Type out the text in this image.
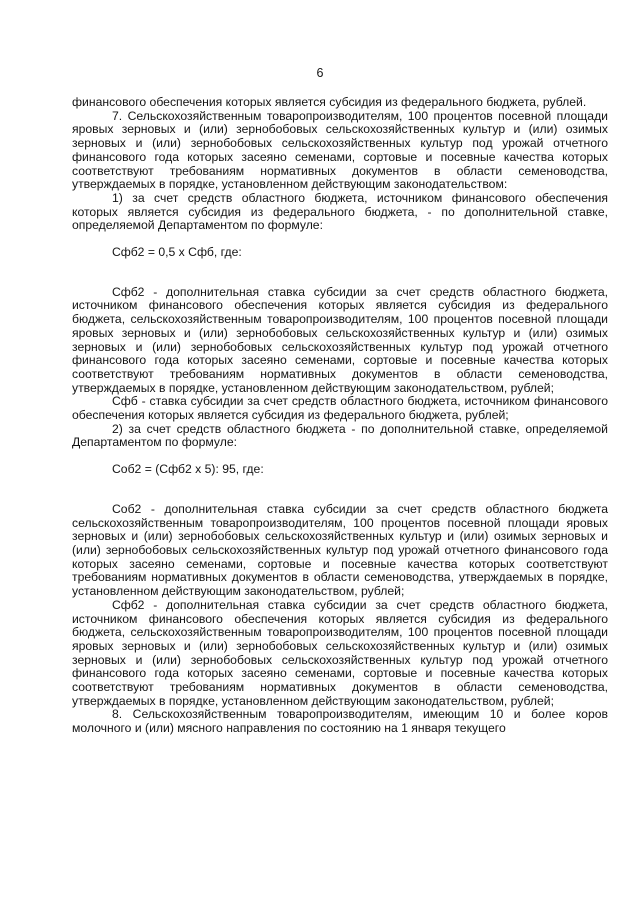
6

финансового обеспечения которых является субсидия из федерального бюджета, рублей.

7. Сельскохозяйственным товаропроизводителям, 100 процентов посевной площади яровых зерновых и (или) зернобобовых сельскохозяйственных культур и (или) озимых зерновых и (или) зернобобовых сельскохозяйственных культур под урожай отчетного финансового года которых засеяно семенами, сортовые и посевные качества которых соответствуют требованиям нормативных документов в области семеноводства, утверждаемых в порядке, установленном действующим законодательством:

1) за счет средств областного бюджета, источником финансового обеспечения которых является субсидия из федерального бюджета, - по дополнительной ставке, определяемой Департаментом по формуле:

Сфб2 = 0,5 x Сфб, где:

Сфб2 - дополнительная ставка субсидии за счет средств областного бюджета, источником финансового обеспечения которых является субсидия из федерального бюджета, сельскохозяйственным товаропроизводителям, 100 процентов посевной площади яровых зерновых и (или) зернобобовых сельскохозяйственных культур и (или) озимых зерновых и (или) зернобобовых сельскохозяйственных культур под урожай отчетного финансового года которых засеяно семенами, сортовые и посевные качества которых соответствуют требованиям нормативных документов в области семеноводства, утверждаемых в порядке, установленном действующим законодательством, рублей;

Сфб - ставка субсидии за счет средств областного бюджета, источником финансового обеспечения которых является субсидия из федерального бюджета, рублей;

2) за счет средств областного бюджета - по дополнительной ставке, определяемой Департаментом по формуле:

Соб2 = (Сфб2 x 5): 95, где:

Соб2 - дополнительная ставка субсидии за счет средств областного бюджета сельскохозяйственным товаропроизводителям, 100 процентов посевной площади яровых зерновых и (или) зернобобовых сельскохозяйственных культур и (или) озимых зерновых и (или) зернобобовых сельскохозяйственных культур под урожай отчетного финансового года которых засеяно семенами, сортовые и посевные качества которых соответствуют требованиям нормативных документов в области семеноводства, утверждаемых в порядке, установленном действующим законодательством, рублей;

Сфб2 - дополнительная ставка субсидии за счет средств областного бюджета, источником финансового обеспечения которых является субсидия из федерального бюджета, сельскохозяйственным товаропроизводителям, 100 процентов посевной площади яровых зерновых и (или) зернобобовых сельскохозяйственных культур и (или) озимых зерновых и (или) зернобобовых сельскохозяйственных культур под урожай отчетного финансового года которых засеяно семенами, сортовые и посевные качества которых соответствуют требованиям нормативных документов в области семеноводства, утверждаемых в порядке, установленном действующим законодательством, рублей;

8. Сельскохозяйственным товаропроизводителям, имеющим 10 и более коров молочного и (или) мясного направления по состоянию на 1 января текущего
